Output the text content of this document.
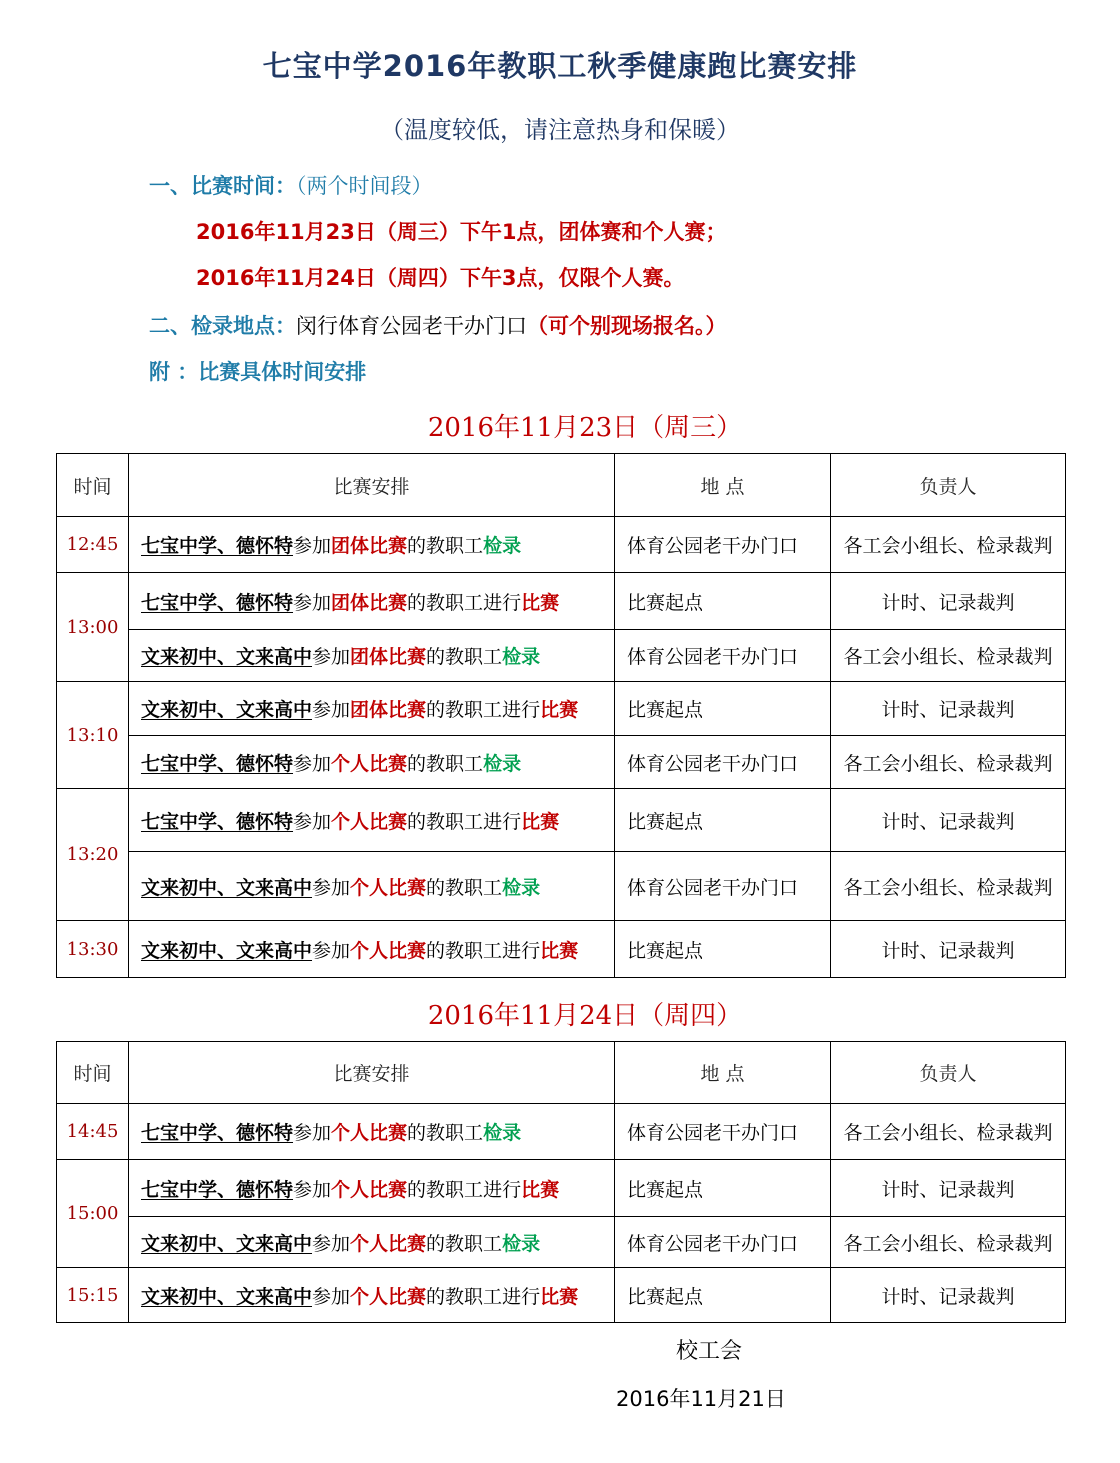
七宝中学2016年教职工秋季健康跑比赛安排
（温度较低，请注意热身和保暖）
一、比赛时间：（两个时间段）
2016年11月23日（周三）下午1点，团体赛和个人赛；
2016年11月24日（周四）下午3点，仅限个人赛。
二、检录地点：闵行体育公园老干办门口（可个别现场报名。）
附 ：比赛具体时间安排
2016年11月23日（周三）
时间	比赛安排	地 点	负责人
12:45	七宝中学、德怀特参加团体比赛的教职工检录	体育公园老干办门口	各工会小组长、检录裁判
13:00	七宝中学、德怀特参加团体比赛的教职工进行比赛	比赛起点	计时、记录裁判
	文来初中、文来高中参加团体比赛的教职工检录	体育公园老干办门口	各工会小组长、检录裁判
13:10	文来初中、文来高中参加团体比赛的教职工进行比赛	比赛起点	计时、记录裁判
	七宝中学、德怀特参加个人比赛的教职工检录	体育公园老干办门口	各工会小组长、检录裁判
13:20	七宝中学、德怀特参加个人比赛的教职工进行比赛	比赛起点	计时、记录裁判
	文来初中、文来高中参加个人比赛的教职工检录	体育公园老干办门口	各工会小组长、检录裁判
13:30	文来初中、文来高中参加个人比赛的教职工进行比赛	比赛起点	计时、记录裁判
2016年11月24日（周四）
时间	比赛安排	地 点	负责人
14:45	七宝中学、德怀特参加个人比赛的教职工检录	体育公园老干办门口	各工会小组长、检录裁判
15:00	七宝中学、德怀特参加个人比赛的教职工进行比赛	比赛起点	计时、记录裁判
	文来初中、文来高中参加个人比赛的教职工检录	体育公园老干办门口	各工会小组长、检录裁判
15:15	文来初中、文来高中参加个人比赛的教职工进行比赛	比赛起点	计时、记录裁判
校工会
2016年11月21日
